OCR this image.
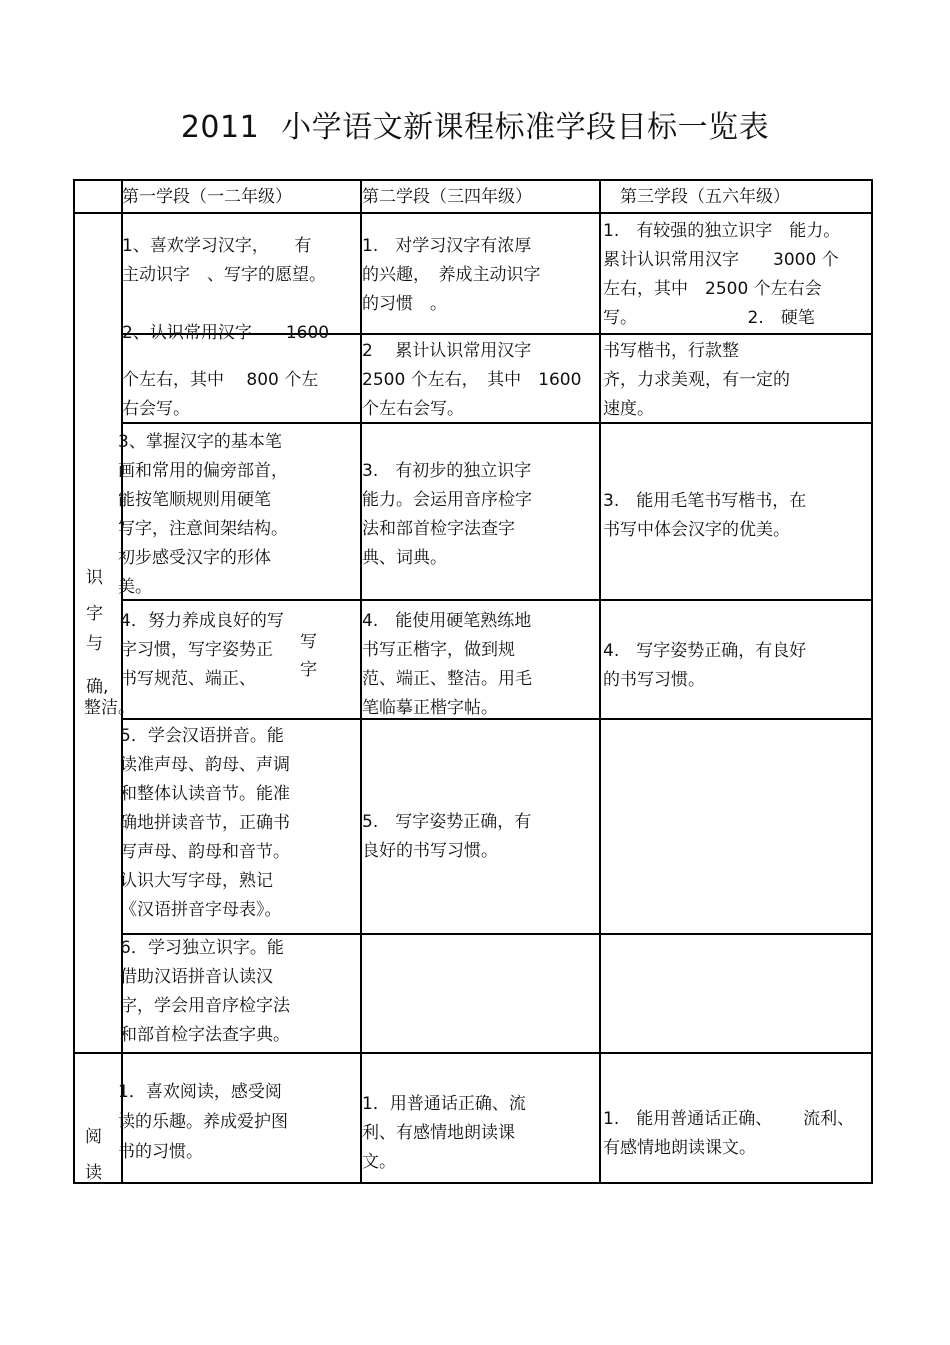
2011 小学语文新课程标准学段目标一览表
第一学段（一二年级）	第二学段（三四年级）	第三学段（五六年级）
识
字
与
确,
整洁。
阅
读
1、喜欢学习汉字，　　有
主动识字　、写字的愿望。

2、认识常用汉字　　1600
1.　对学习汉字有浓厚
的兴趣，　养成主动识字
的习惯　。
1.　有较强的独立识字　能力。
累计认识常用汉字　　3000 个
左右，其中　2500 个左右会
写。　　　　　　　2.　硬笔
个左右，其中　 800 个左
右会写。
2　 累计认识常用汉字
2500 个左右，　其中　1600
个左右会写。
书写楷书，行款整
齐，力求美观，有一定的
速度。
3、掌握汉字的基本笔
画和常用的偏旁部首，
能按笔顺规则用硬笔
写字，注意间架结构。
初步感受汉字的形体
美。
3.　有初步的独立识字
能力。会运用音序检字
法和部首检字法查字
典、词典。
3.　能用毛笔书写楷书，在
书写中体会汉字的优美。
4．努力养成良好的写
字习惯，写字姿势正
书写规范、端正、
写
字
4.　能使用硬笔熟练地
书写正楷字，做到规
范、端正、整洁。用毛
笔临摹正楷字帖。
4.　写字姿势正确，有良好
的书写习惯。
5．学会汉语拼音。能
读准声母、韵母、声调
和整体认读音节。能准
确地拼读音节，正确书
写声母、韵母和音节。
认识大写字母，熟记
《汉语拼音字母表》。
5.　写字姿势正确，有
良好的书写习惯。
6．学习独立识字。能
借助汉语拼音认读汉
字，学会用音序检字法
和部首检字法查字典。
1．喜欢阅读，感受阅
读的乐趣。养成爱护图
书的习惯。
1．用普通话正确、流
利、有感情地朗读课
文。
1.　能用普通话正确、　　 流利、
有感情地朗读课文。
